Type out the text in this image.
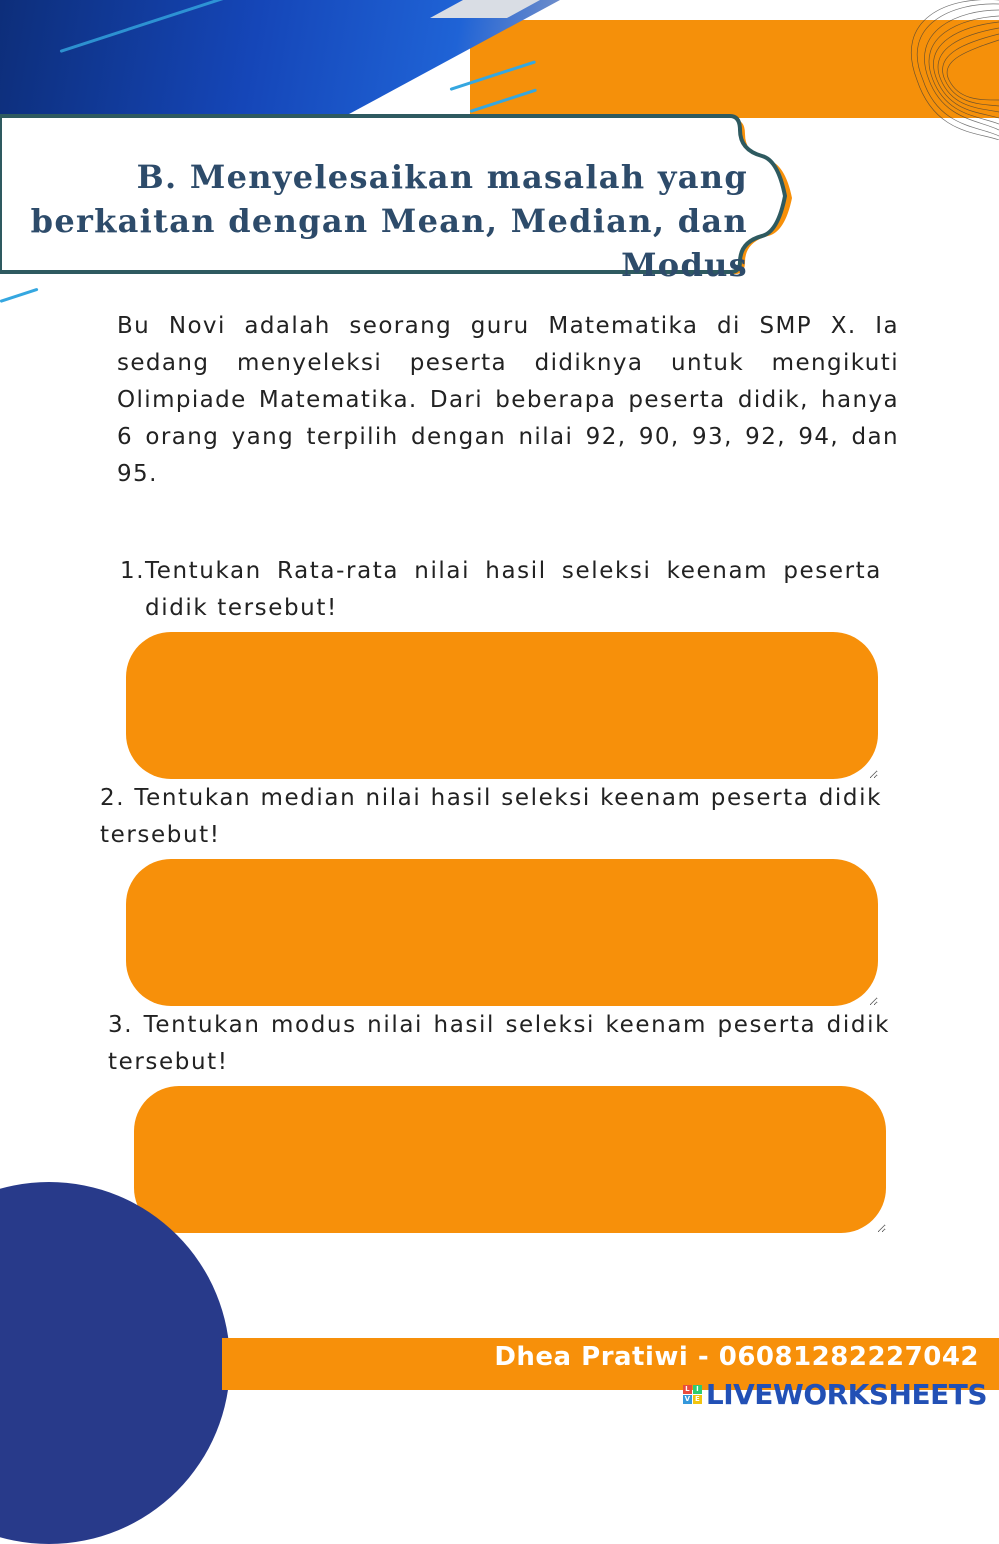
B. Menyelesaikan masalah yang berkaitan dengan Mean, Median, dan Modus

Bu Novi adalah seorang guru Matematika di SMP X. Ia sedang menyeleksi peserta didiknya untuk mengikuti Olimpiade Matematika. Dari beberapa peserta didik, hanya 6 orang yang terpilih dengan nilai 92, 90, 93, 92, 94, dan 95.

1. Tentukan Rata-rata nilai hasil seleksi keenam peserta didik tersebut!

2. Tentukan median nilai hasil seleksi keenam peserta didik tersebut!

3. Tentukan modus nilai hasil seleksi keenam peserta didik tersebut!

Dhea Pratiwi - 06081282227042

L I
V E LIVEWORKSHEETS
